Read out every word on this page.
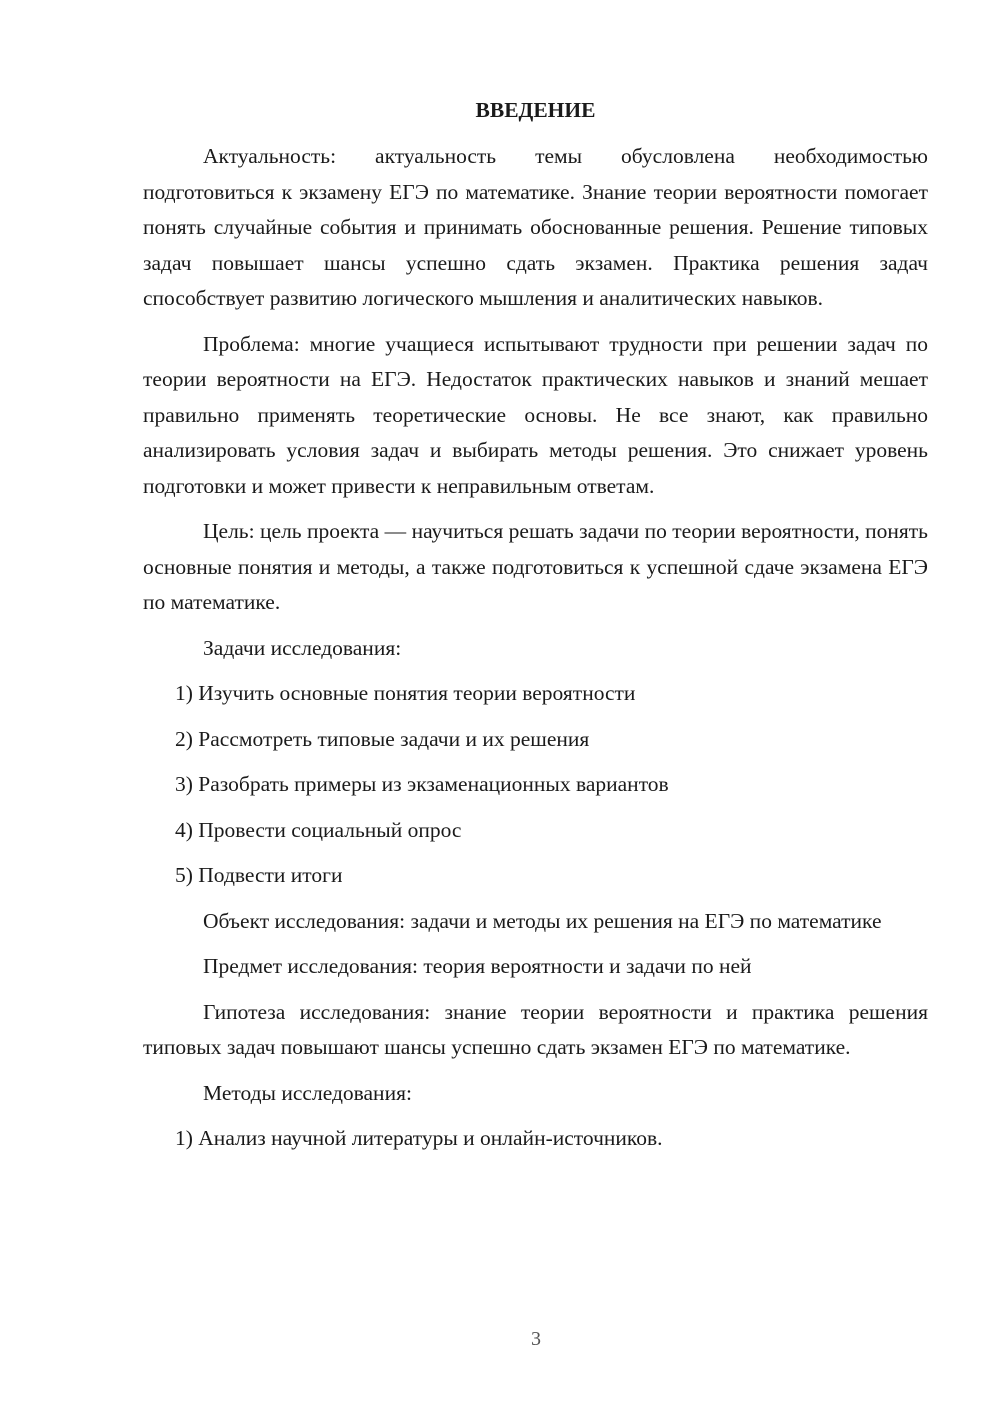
ВВЕДЕНИЕ

Актуальность: актуальность темы обусловлена необходимостью подготовиться к экзамену ЕГЭ по математике. Знание теории вероятности помогает понять случайные события и принимать обоснованные решения. Решение типовых задач повышает шансы успешно сдать экзамен. Практика решения задач способствует развитию логического мышления и аналитических навыков.

Проблема: многие учащиеся испытывают трудности при решении задач по теории вероятности на ЕГЭ. Недостаток практических навыков и знаний мешает правильно применять теоретические основы. Не все знают, как правильно анализировать условия задач и выбирать методы решения. Это снижает уровень подготовки и может привести к неправильным ответам.

Цель: цель проекта — научиться решать задачи по теории вероятности, понять основные понятия и методы, а также подготовиться к успешной сдаче экзамена ЕГЭ по математике.

Задачи исследования:

1) Изучить основные понятия теории вероятности

2) Рассмотреть типовые задачи и их решения

3) Разобрать примеры из экзаменационных вариантов

4) Провести социальный опрос

5) Подвести итоги

Объект исследования: задачи и методы их решения на ЕГЭ по математике

Предмет исследования: теория вероятности и задачи по ней

Гипотеза исследования: знание теории вероятности и практика решения типовых задач повышают шансы успешно сдать экзамен ЕГЭ по математике.

Методы исследования:

1) Анализ научной литературы и онлайн-источников.

3
